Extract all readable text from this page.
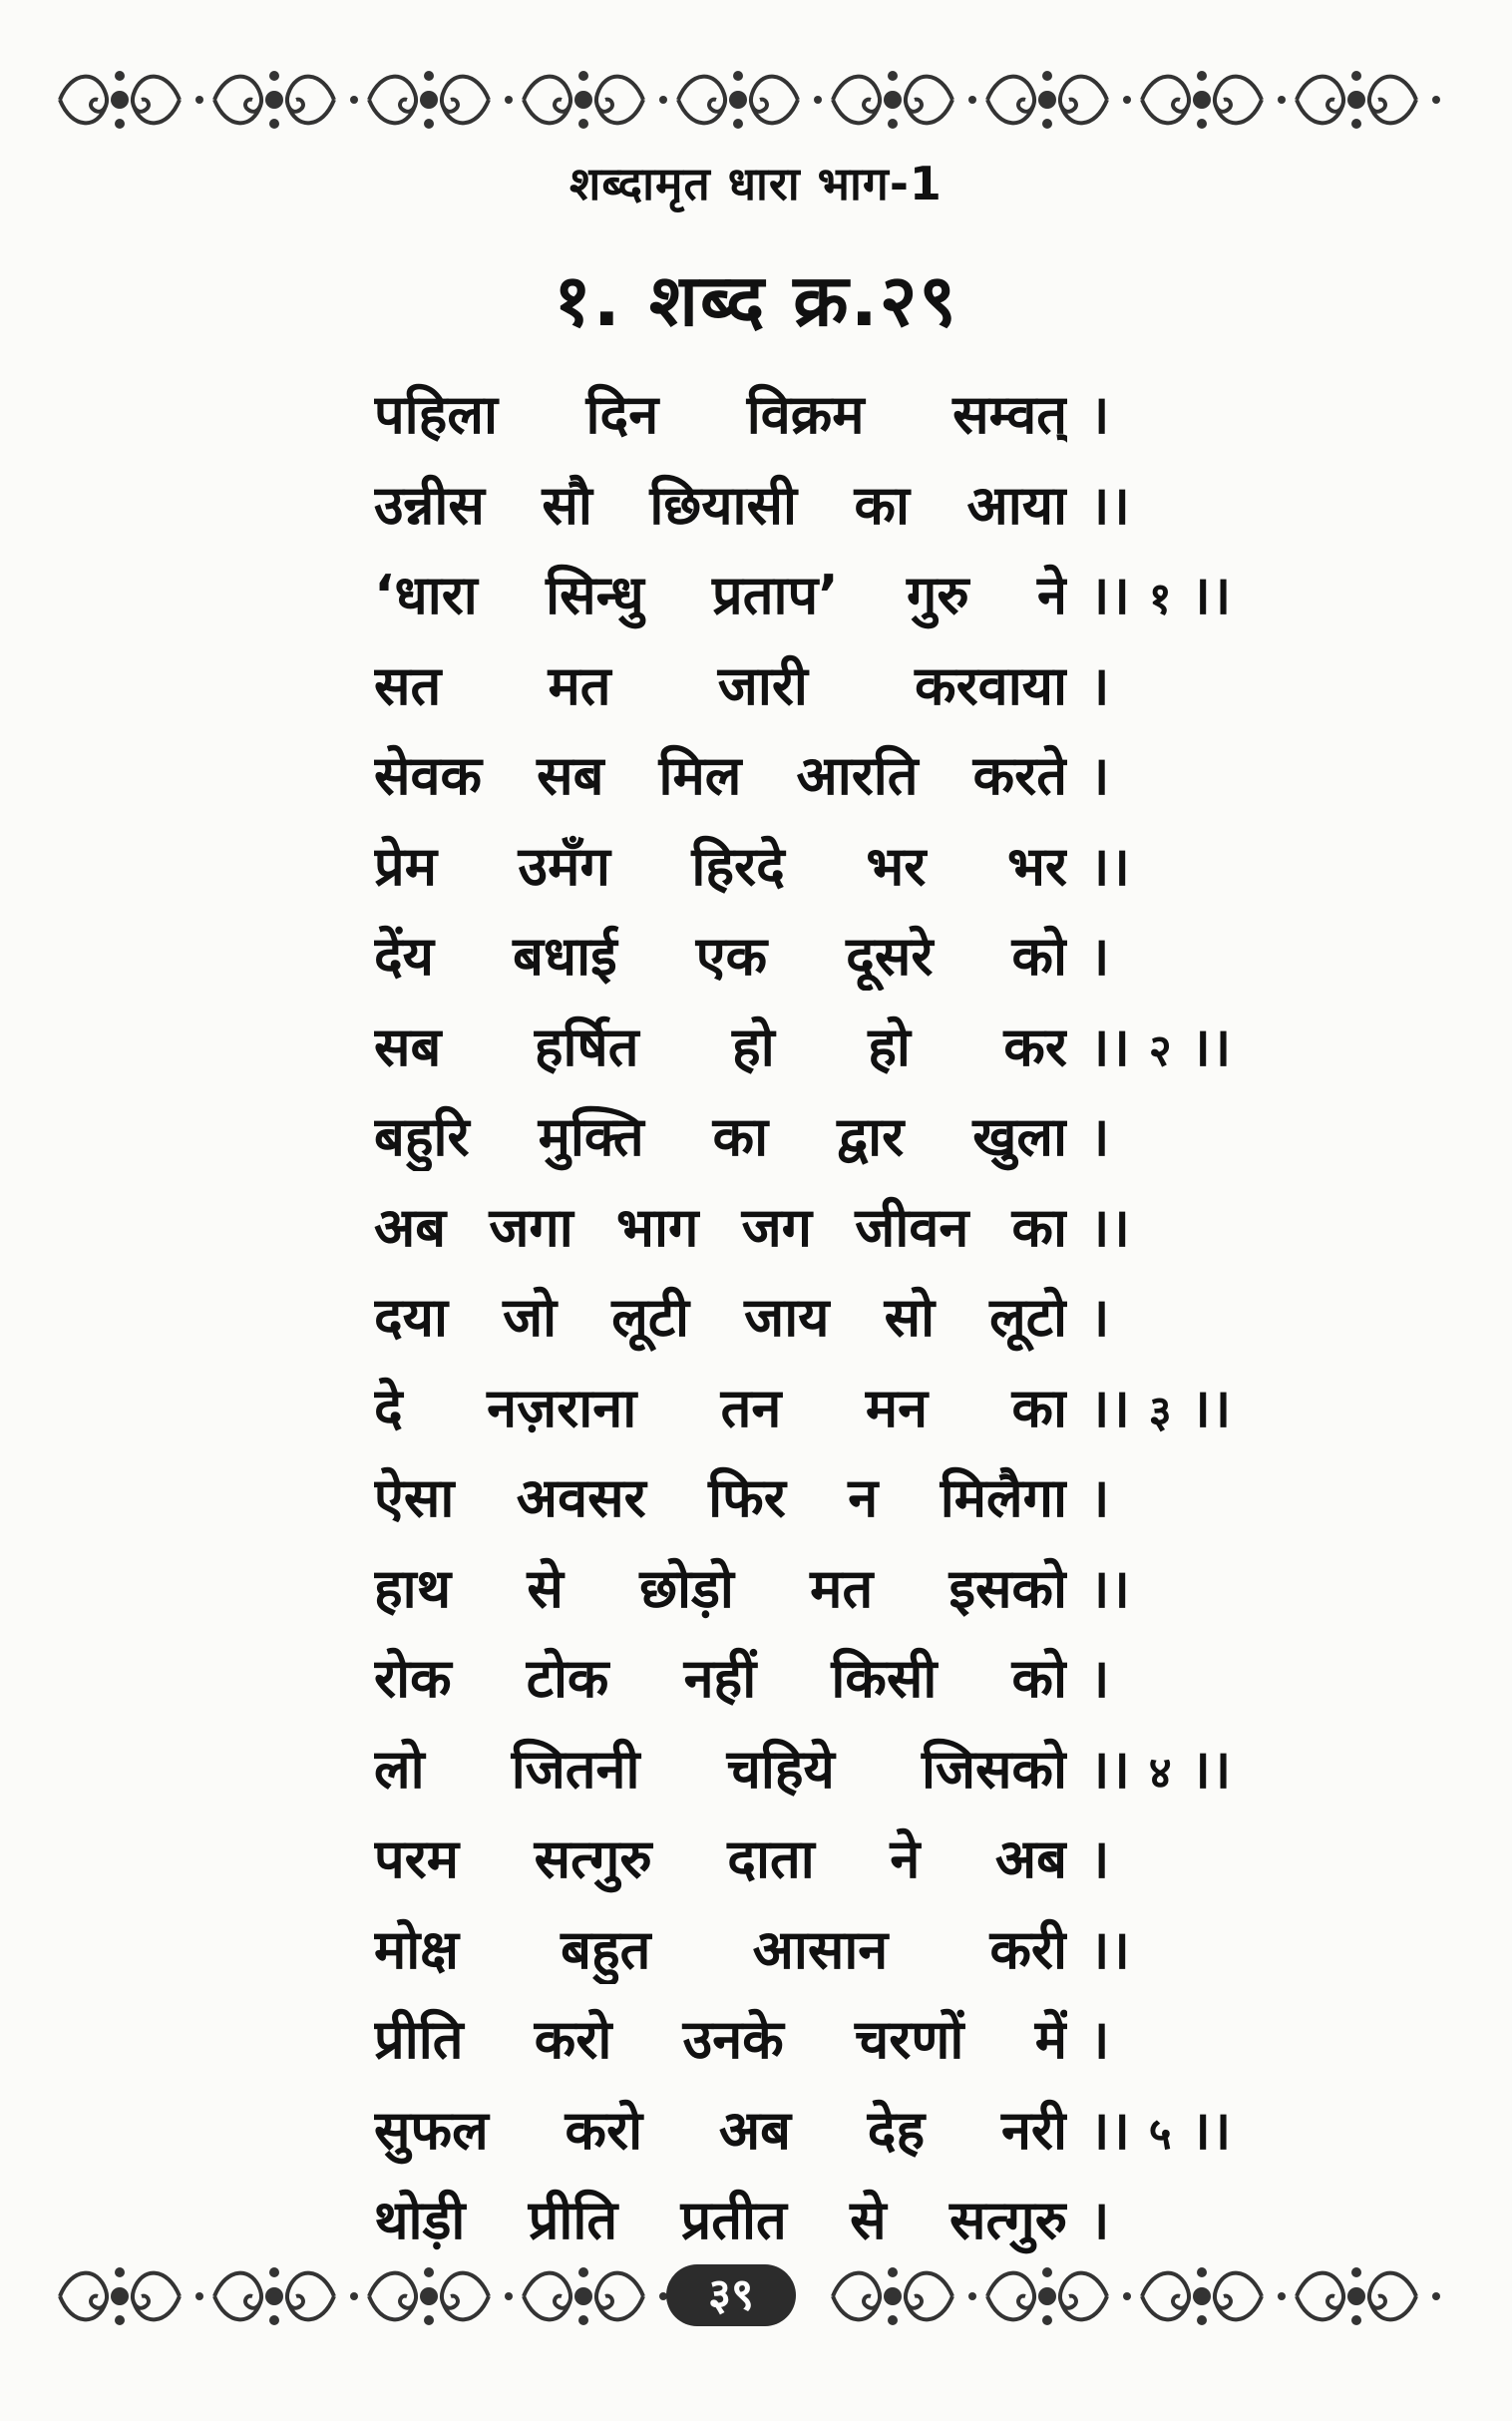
शब्दामृत धारा भाग-1
१. शब्द क्र.२९
पहिला दिन विक्रम सम्वत् ।
उन्नीस सौ छियासी का आया ।।
‘धारा सिन्धु प्रताप’ गुरु ने ।। १ ।।
सत मत जारी करवाया ।
सेवक सब मिल आरति करते ।
प्रेम उमँग हिरदे भर भर ।।
देंय बधाई एक दूसरे को ।
सब हर्षित हो हो कर ।। २ ।।
बहुरि मुक्ति का द्वार खुला ।
अब जगा भाग जग जीवन का ।।
दया जो लूटी जाय सो लूटो ।
दे नज़राना तन मन का ।। ३ ।।
ऐसा अवसर फिर न मिलैगा ।
हाथ से छोड़ो मत इसको ।।
रोक टोक नहीं किसी को ।
लो जितनी चहिये जिसको ।। ४ ।।
परम सत्गुरु दाता ने अब ।
मोक्ष बहुत आसान करी ।।
प्रीति करो उनके चरणों में ।
सुफल करो अब देह नरी ।। ५ ।।
थोड़ी प्रीति प्रतीत से सत्गुरु ।
३९
